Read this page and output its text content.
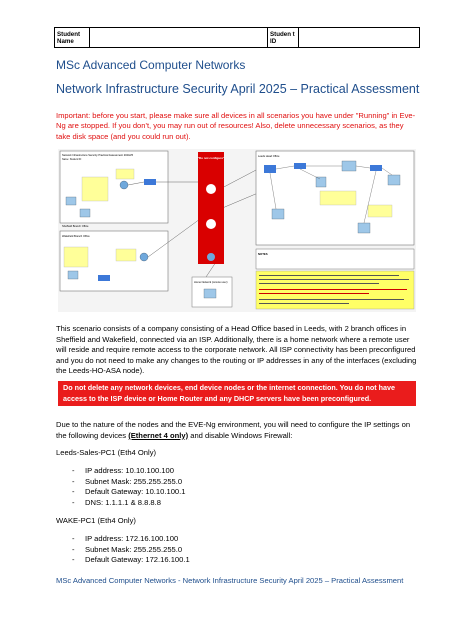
Student Name		Studen t ID	
MSc Advanced Computer Networks
Network Infrastructure Security April 2025 – Practical Assessment
Important: before you start, please make sure all devices in all scenarios you have under "Running" in Eve-Ng are stopped. If you don't, you may run out of resources! Also, delete unnecessary scenarios, as they take disk space (and you could run out).
Network Infrastructure Security Practical Assessment 2024/25
Name: Student ID:
Sheffield Branch Office
Wakefield Branch Office
"Do not configure"
Home Network (remote user)
Leeds Head Office
NOTES
This scenario consists of a company consisting of a Head Office based in Leeds, with 2 branch offices in Sheffield and Wakefield, connected via an ISP. Additionally, there is a home network where a remote user will reside and require remote access to the corporate network. All ISP connectivity has been preconfigured and you do not need to make any changes to the routing or IP addresses in any of the interfaces (excluding the Leeds-HO-ASA node).
Do not delete any network devices, end device nodes or the internet connection. You do not have access to the ISP device or Home Router and any DHCP servers have been preconfigured.
Due to the nature of the nodes and the EVE-Ng environment, you will need to configure the IP settings on the following devices (Ethernet 4 only) and disable Windows Firewall:
Leeds-Sales-PC1 (Eth4 Only)
- IP address: 10.10.100.100
- Subnet Mask: 255.255.255.0
- Default Gateway: 10.10.100.1
- DNS: 1.1.1.1 & 8.8.8.8
WAKE-PC1 (Eth4 Only)
- IP address: 172.16.100.100
- Subnet Mask: 255.255.255.0
- Default Gateway: 172.16.100.1
MSc Advanced Computer Networks - Network Infrastructure Security April 2025 – Practical Assessment
